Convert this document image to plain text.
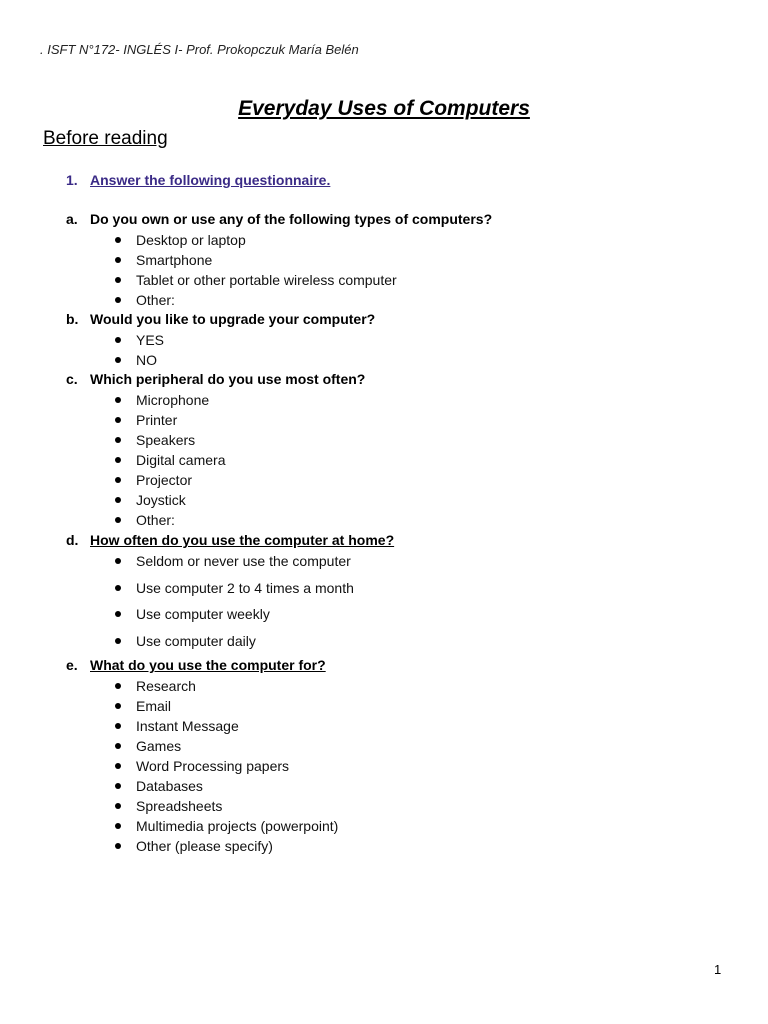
. ISFT N°172- INGLÉS I- Prof. Prokopczuk María Belén
Everyday Uses of Computers
Before reading
1. Answer the following questionnaire.
a. Do you own or use any of the following types of computers?
Desktop or laptop
Smartphone
Tablet or other portable wireless computer
Other:
b. Would you like to upgrade your computer?
YES
NO
c. Which peripheral do you use most often?
Microphone
Printer
Speakers
Digital camera
Projector
Joystick
Other:
d. How often do you use the computer at home?
Seldom or never use the computer
Use computer 2 to 4 times a month
Use computer weekly
Use computer daily
e. What do you use the computer for?
Research
Email
Instant Message
Games
Word Processing papers
Databases
Spreadsheets
Multimedia projects (powerpoint)
Other (please specify)
1
